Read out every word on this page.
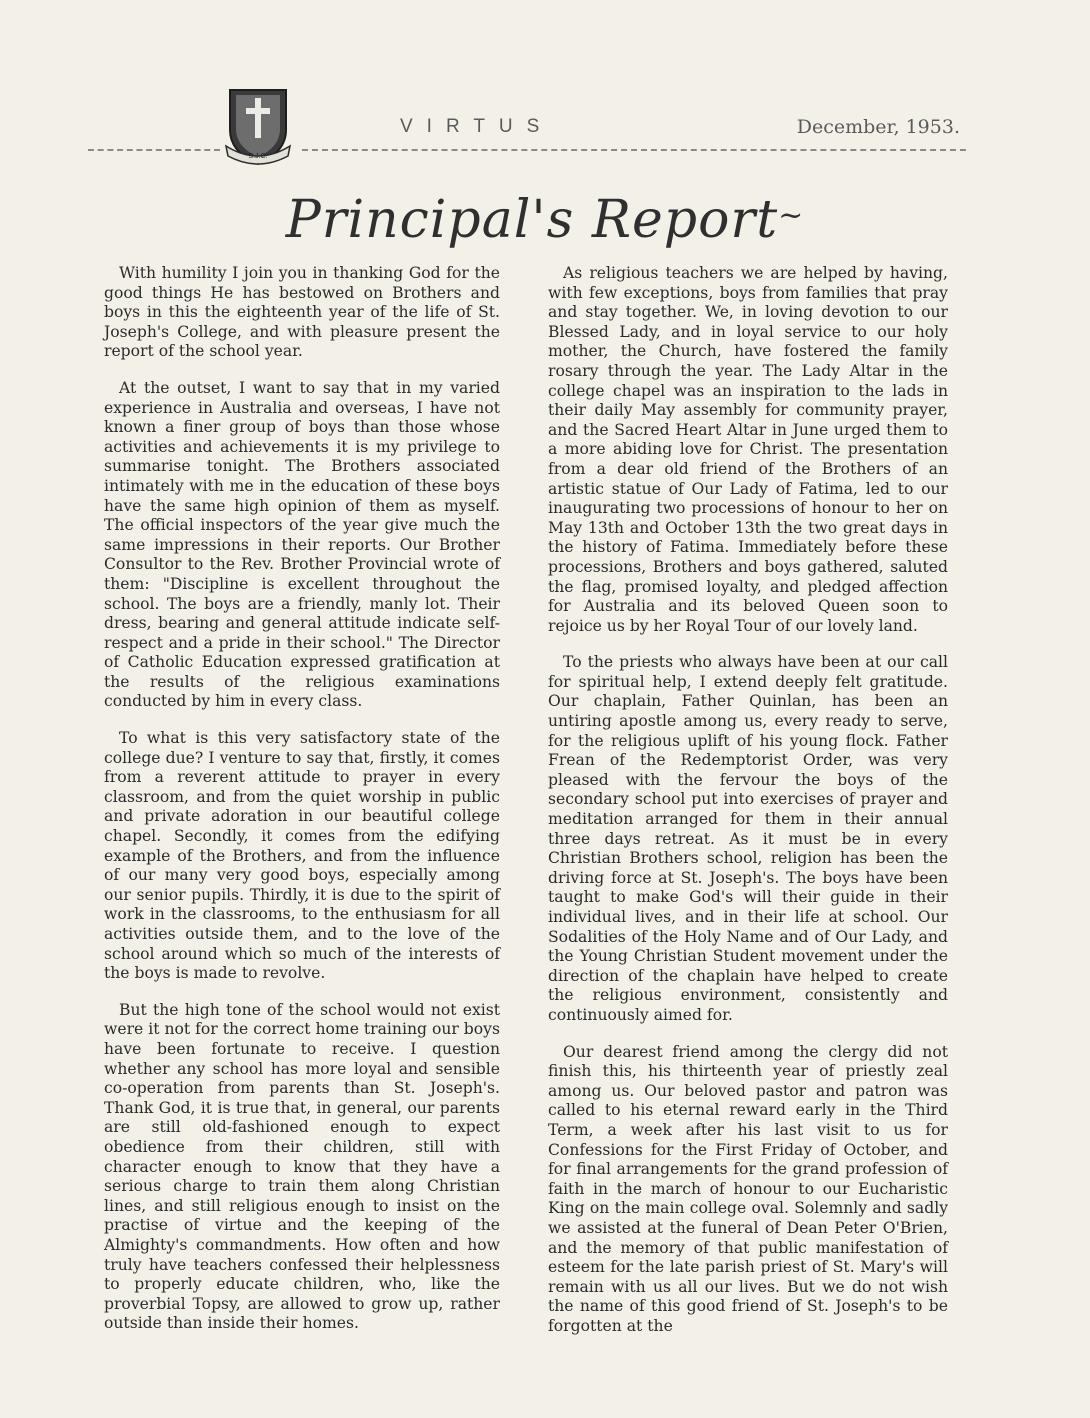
S.J.C.
VIRTUS	December, 1953.
Principal's Report~

With humility I join you in thanking God for the good things He has bestowed on Brothers and boys in this the eighteenth year of the life of St. Joseph's College, and with pleasure present the report of the school year.

At the outset, I want to say that in my varied experience in Australia and overseas, I have not known a finer group of boys than those whose activities and achievements it is my privilege to summarise tonight. The Brothers associated intimately with me in the education of these boys have the same high opinion of them as myself. The official inspectors of the year give much the same impressions in their reports. Our Brother Consultor to the Rev. Brother Provincial wrote of them: "Discipline is excellent throughout the school. The boys are a friendly, manly lot. Their dress, bearing and general attitude indicate self-respect and a pride in their school." The Director of Catholic Education expressed gratification at the results of the religious examinations conducted by him in every class.

To what is this very satisfactory state of the college due? I venture to say that, firstly, it comes from a reverent attitude to prayer in every classroom, and from the quiet worship in public and private adoration in our beautiful college chapel. Secondly, it comes from the edifying example of the Brothers, and from the influence of our many very good boys, especially among our senior pupils. Thirdly, it is due to the spirit of work in the classrooms, to the enthusiasm for all activities outside them, and to the love of the school around which so much of the interests of the boys is made to revolve.

But the high tone of the school would not exist were it not for the correct home training our boys have been fortunate to receive. I question whether any school has more loyal and sensible co-operation from parents than St. Joseph's. Thank God, it is true that, in general, our parents are still old-fashioned enough to expect obedience from their children, still with character enough to know that they have a serious charge to train them along Christian lines, and still religious enough to insist on the practise of virtue and the keeping of the Almighty's commandments. How often and how truly have teachers confessed their helplessness to properly educate children, who, like the proverbial Topsy, are allowed to grow up, rather outside than inside their homes.

As religious teachers we are helped by having, with few exceptions, boys from families that pray and stay together. We, in loving devotion to our Blessed Lady, and in loyal service to our holy mother, the Church, have fostered the family rosary through the year. The Lady Altar in the college chapel was an inspiration to the lads in their daily May assembly for community prayer, and the Sacred Heart Altar in June urged them to a more abiding love for Christ. The presentation from a dear old friend of the Brothers of an artistic statue of Our Lady of Fatima, led to our inaugurating two processions of honour to her on May 13th and October 13th the two great days in the history of Fatima. Immediately before these processions, Brothers and boys gathered, saluted the flag, promised loyalty, and pledged affection for Australia and its beloved Queen soon to rejoice us by her Royal Tour of our lovely land.

To the priests who always have been at our call for spiritual help, I extend deeply felt gratitude. Our chaplain, Father Quinlan, has been an untiring apostle among us, every ready to serve, for the religious uplift of his young flock. Father Frean of the Redemptorist Order, was very pleased with the fervour the boys of the secondary school put into exercises of prayer and meditation arranged for them in their annual three days retreat. As it must be in every Christian Brothers school, religion has been the driving force at St. Joseph's. The boys have been taught to make God's will their guide in their individual lives, and in their life at school. Our Sodalities of the Holy Name and of Our Lady, and the Young Christian Student movement under the direction of the chaplain have helped to create the religious environment, consistently and continuously aimed for.

Our dearest friend among the clergy did not finish this, his thirteenth year of priestly zeal among us. Our beloved pastor and patron was called to his eternal reward early in the Third Term, a week after his last visit to us for Confessions for the First Friday of October, and for final arrangements for the grand profession of faith in the march of honour to our Eucharistic King on the main college oval. Solemnly and sadly we assisted at the funeral of Dean Peter O'Brien, and the memory of that public manifestation of esteem for the late parish priest of St. Mary's will remain with us all our lives. But we do not wish the name of this good friend of St. Joseph's to be forgotten at the
